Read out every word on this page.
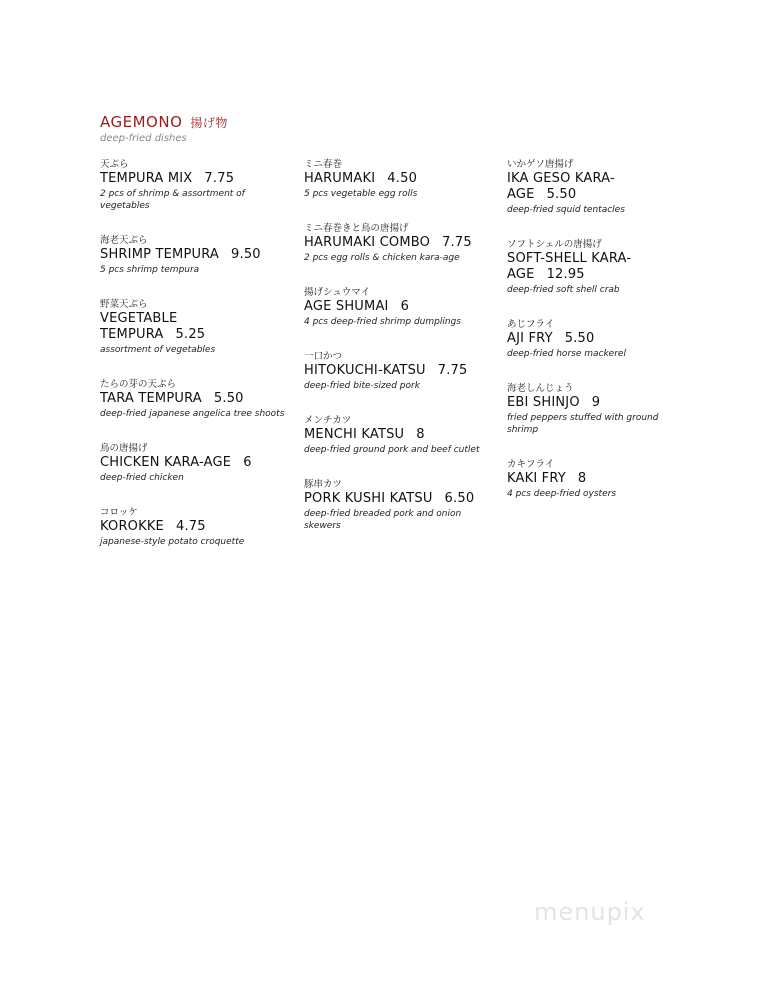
AGEMONO 揚げ物
deep-fried dishes
天ぷら
TEMPURA MIX 7.75
2 pcs of shrimp & assortment of vegetables
海老天ぷら
SHRIMP TEMPURA 9.50
5 pcs shrimp tempura
野菜天ぷら
VEGETABLE TEMPURA 5.25
assortment of vegetables
たらの芽の天ぷら
TARA TEMPURA 5.50
deep-fried japanese angelica tree shoots
鳥の唐揚げ
CHICKEN KARA-AGE 6
deep-fried chicken
コロッケ
KOROKKE 4.75
japanese-style potato croquette
ミニ春巻
HARUMAKI 4.50
5 pcs vegetable egg rolls
ミニ春巻きと鳥の唐揚げ
HARUMAKI COMBO 7.75
2 pcs egg rolls & chicken kara-age
揚げシュウマイ
AGE SHUMAI 6
4 pcs deep-fried shrimp dumplings
一口かつ
HITOKUCHI-KATSU 7.75
deep-fried bite-sized pork
メンチカツ
MENCHI KATSU 8
deep-fried ground pork and beef cutlet
豚串カツ
PORK KUSHI KATSU 6.50
deep-fried breaded pork and onion skewers
いかゲソ唐揚げ
IKA GESO KARA-AGE 5.50
deep-fried squid tentacles
ソフトシェルの唐揚げ
SOFT-SHELL KARA-AGE 12.95
deep-fried soft shell crab
あじフライ
AJI FRY 5.50
deep-fried horse mackerel
海老しんじょう
EBI SHINJO 9
fried peppers stuffed with ground shrimp
カキフライ
KAKI FRY 8
4 pcs deep-fried oysters
menupix
